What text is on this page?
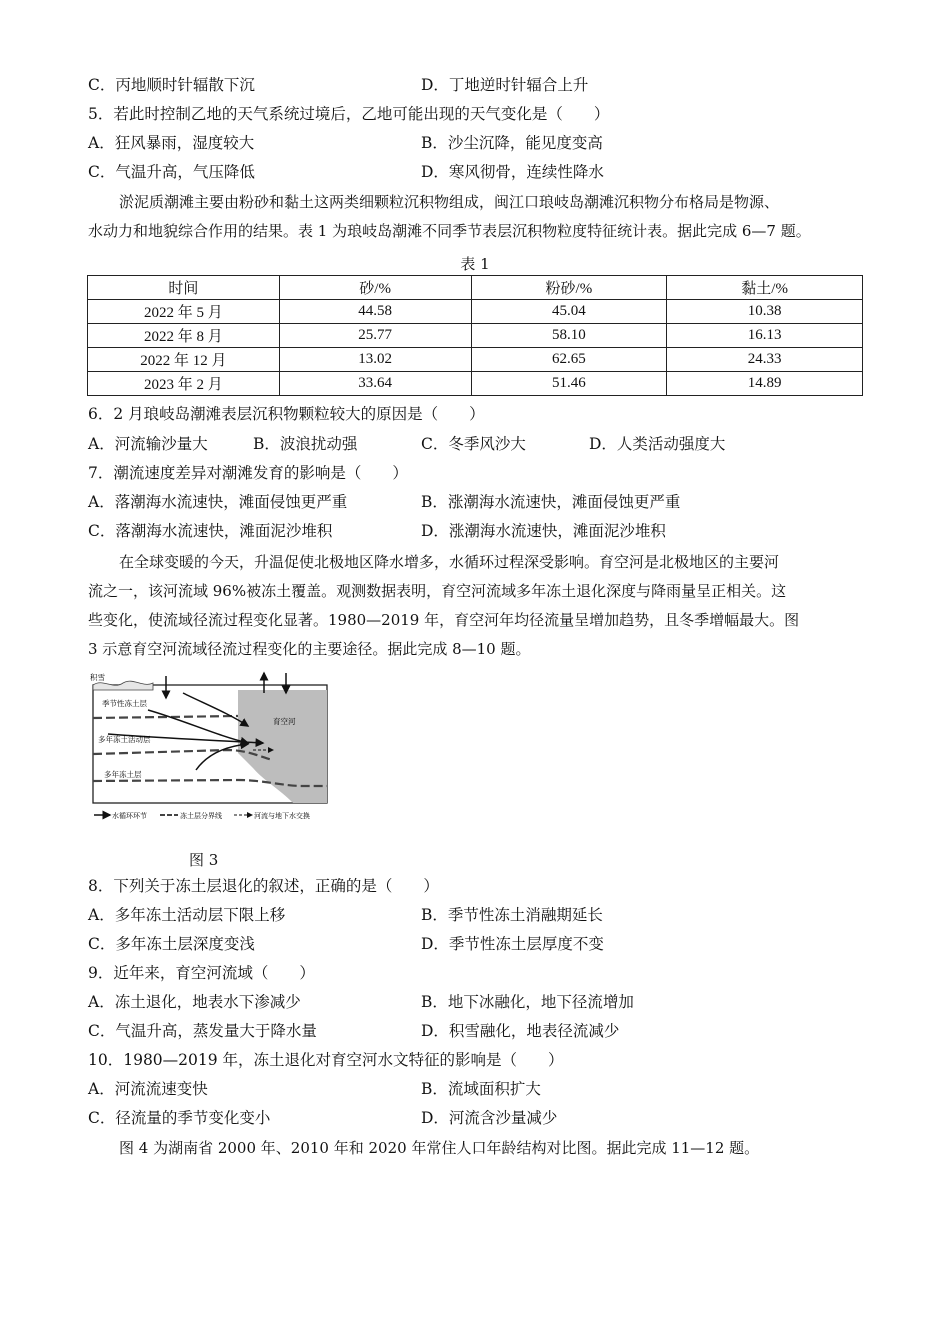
C．丙地顺时针辐散下沉	D．丁地逆时针辐合上升
5．若此时控制乙地的天气系统过境后，乙地可能出现的天气变化是（　　）
A．狂风暴雨，湿度较大	B．沙尘沉降，能见度变高
C．气温升高，气压降低	D．寒风彻骨，连续性降水
淤泥质潮滩主要由粉砂和黏土这两类细颗粒沉积物组成，闽江口琅岐岛潮滩沉积物分布格局是物源、
水动力和地貌综合作用的结果。表 1 为琅岐岛潮滩不同季节表层沉积物粒度特征统计表。据此完成 6—7 题。
表 1
时间	砂/%	粉砂/%	黏土/%
2022 年 5 月	44.58	45.04	10.38
2022 年 8 月	25.77	58.10	16.13
2022 年 12 月	13.02	62.65	24.33
2023 年 2 月	33.64	51.46	14.89
6．2 月琅岐岛潮滩表层沉积物颗粒较大的原因是（　　）
A．河流输沙量大	B．波浪扰动强	C．冬季风沙大	D．人类活动强度大
7．潮流速度差异对潮滩发育的影响是（　　）
A．落潮海水流速快，滩面侵蚀更严重	B．涨潮海水流速快，滩面侵蚀更严重
C．落潮海水流速快，滩面泥沙堆积	D．涨潮海水流速快，滩面泥沙堆积
在全球变暖的今天，升温促使北极地区降水增多，水循环过程深受影响。育空河是北极地区的主要河
流之一，该河流域 96%被冻土覆盖。观测数据表明，育空河流域多年冻土退化深度与降雨量呈正相关。这
些变化，使流域径流过程变化显著。1980—2019 年，育空河年均径流量呈增加趋势，且冬季增幅最大。图
3 示意育空河流域径流过程变化的主要途径。据此完成 8—10 题。
积雪
季节性冻土层
多年冻土活动层
多年冻土层
育空河
水循环环节	冻土层分界线	河流与地下水交换
图 3
8．下列关于冻土层退化的叙述，正确的是（　　）
A．多年冻土活动层下限上移	B．季节性冻土消融期延长
C．多年冻土层深度变浅	D．季节性冻土层厚度不变
9．近年来，育空河流域（　　）
A．冻土退化，地表水下渗减少	B．地下冰融化，地下径流增加
C．气温升高，蒸发量大于降水量	D．积雪融化，地表径流减少
10．1980—2019 年，冻土退化对育空河水文特征的影响是（　　）
A．河流流速变快	B．流域面积扩大
C．径流量的季节变化变小	D．河流含沙量减少
图 4 为湖南省 2000 年、2010 年和 2020 年常住人口年龄结构对比图。据此完成 11—12 题。
